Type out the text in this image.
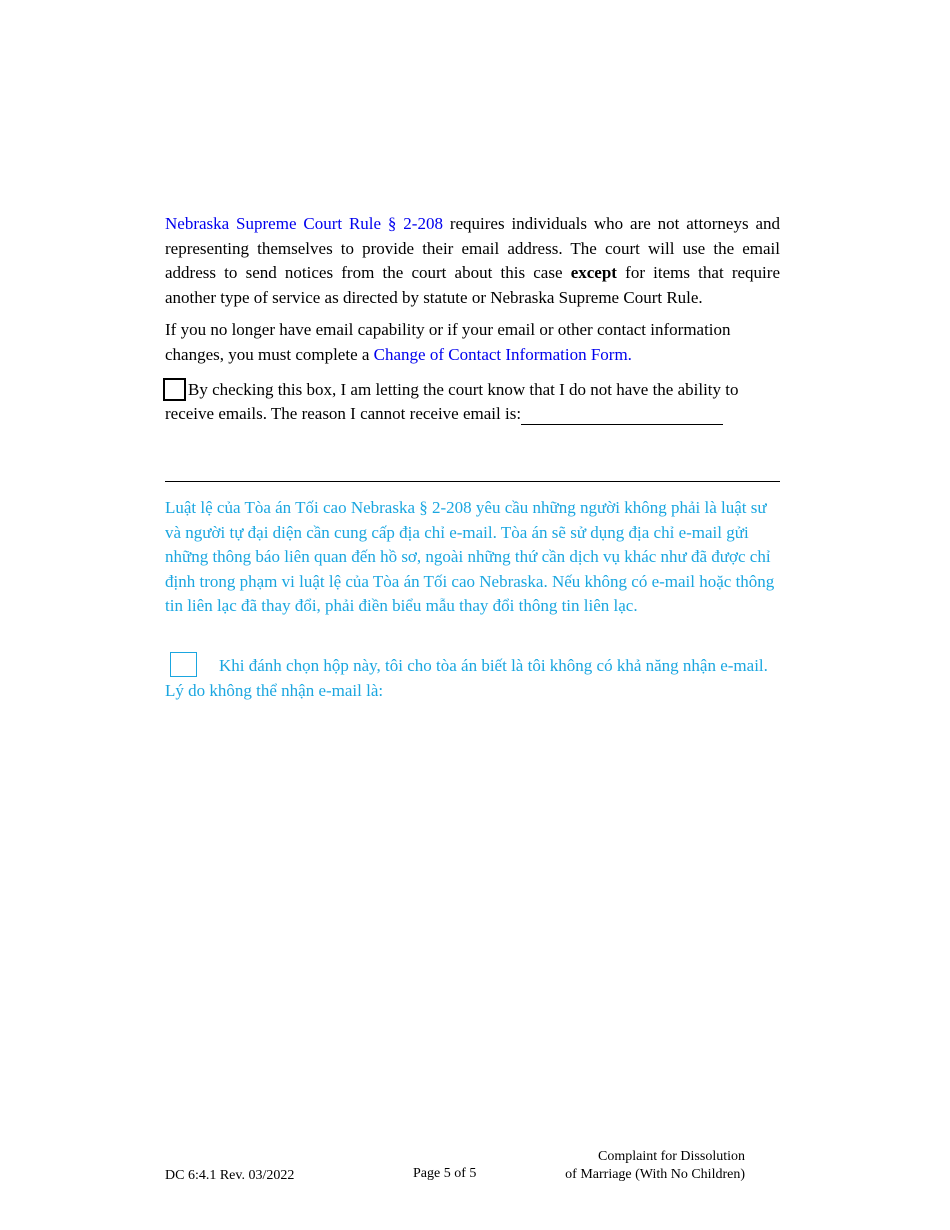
Nebraska Supreme Court Rule § 2-208 requires individuals who are not attorneys and representing themselves to provide their email address. The court will use the email address to send notices from the court about this case except for items that require another type of service as directed by statute or Nebraska Supreme Court Rule.

If you no longer have email capability or if your email or other contact information changes, you must complete a Change of Contact Information Form.

By checking this box, I am letting the court know that I do not have the ability to receive emails. The reason I cannot receive email is:
Luật lệ của Tòa án Tối cao Nebraska § 2-208 yêu cầu những người không phải là luật sư và người tự đại diện cần cung cấp địa chỉ e-mail. Tòa án sẽ sử dụng địa chỉ e-mail gửi những thông báo liên quan đến hồ sơ, ngoài những thứ cần dịch vụ khác như đã được chỉ định trong phạm vi luật lệ của Tòa án Tối cao Nebraska. Nếu không có e-mail hoặc thông tin liên lạc đã thay đổi, phải điền biểu mẫu thay đổi thông tin liên lạc.
Khi đánh chọn hộp này, tôi cho tòa án biết là tôi không có khả năng nhận e-mail. Lý do không thể nhận e-mail là:
DC 6:4.1 Rev. 03/2022	Page 5 of 5
Complaint for Dissolution
of Marriage (With No Children)
